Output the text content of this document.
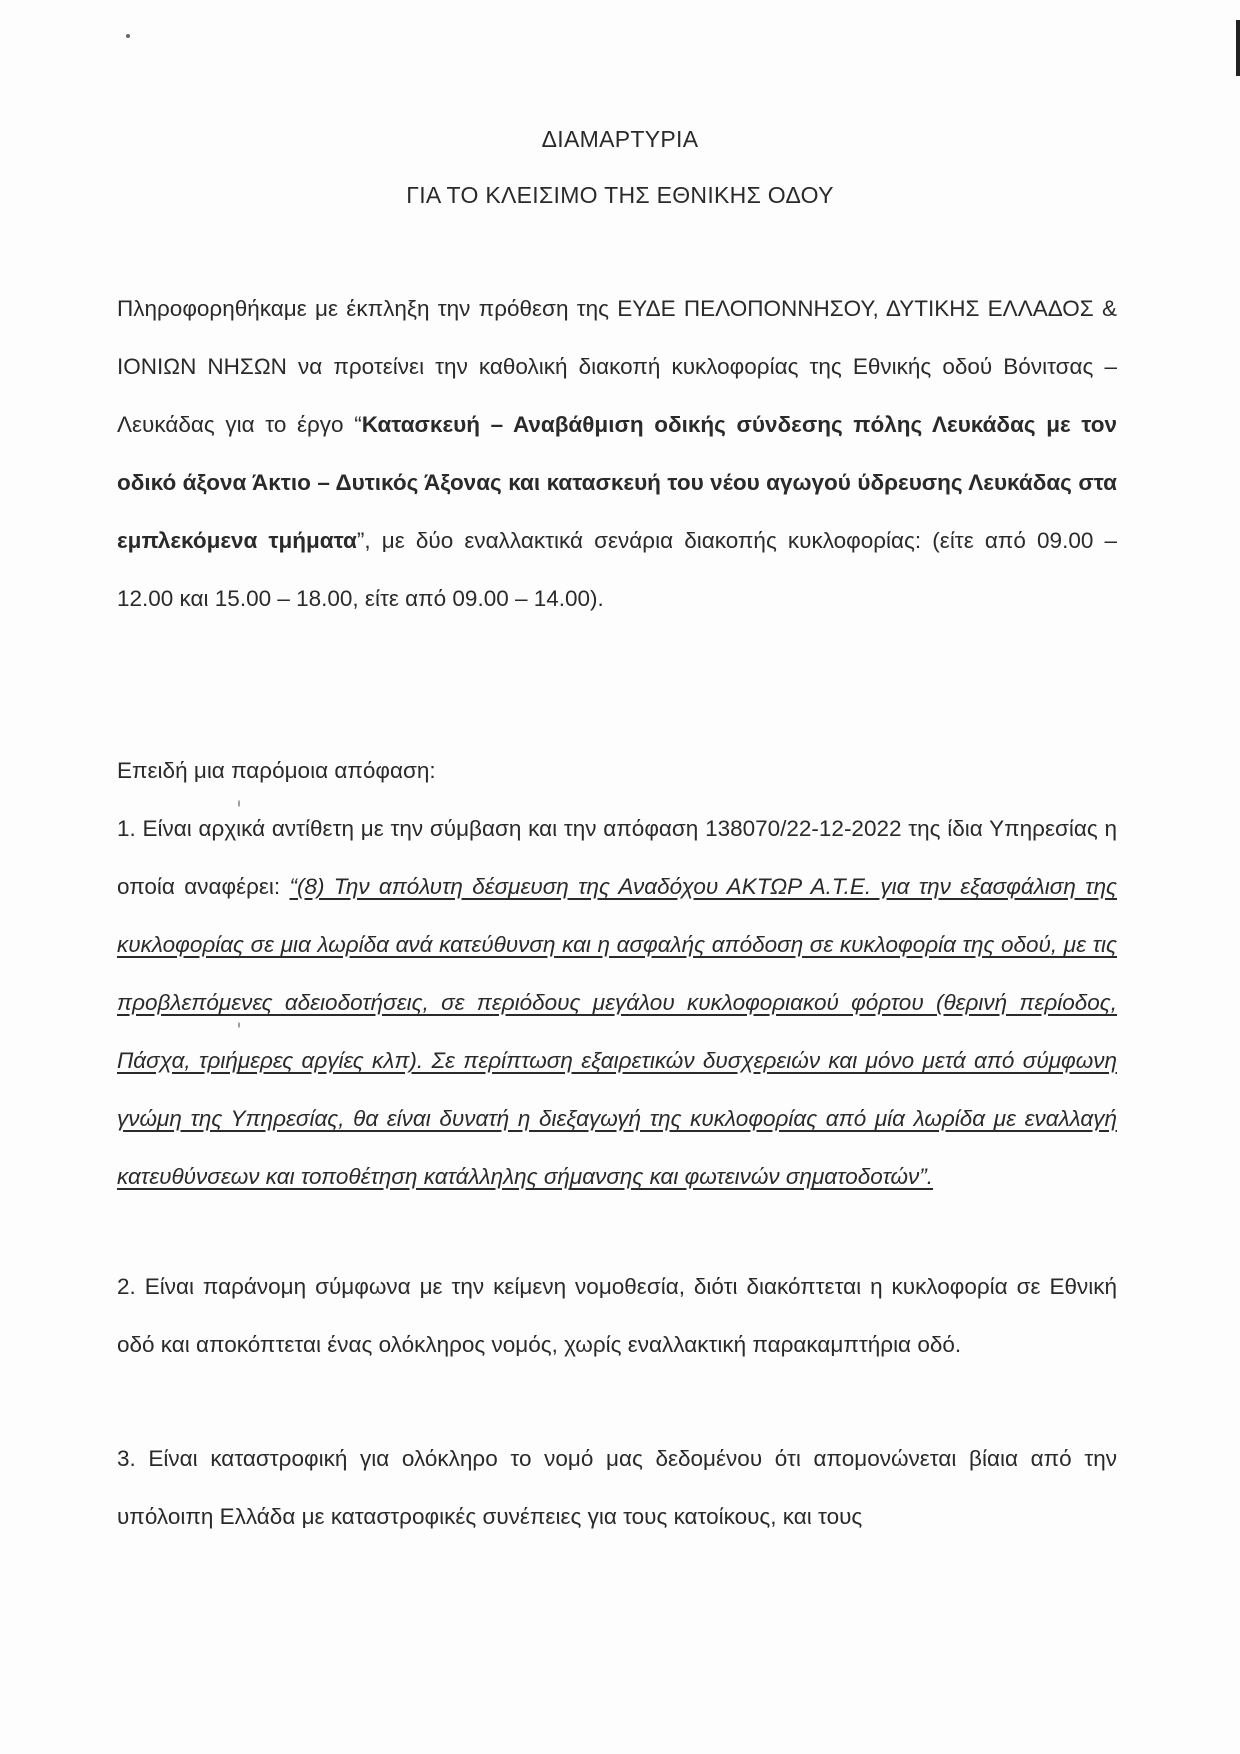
ΔΙΑΜΑΡΤΥΡΙΑ
ΓΙΑ ΤΟ ΚΛΕΙΣΙΜΟ ΤΗΣ ΕΘΝΙΚΗΣ ΟΔΟΥ

Πληροφορηθήκαμε με έκπληξη την πρόθεση της ΕΥΔΕ ΠΕΛΟΠΟΝΝΗΣΟΥ, ΔΥΤΙΚΗΣ ΕΛΛΑΔΟΣ & ΙΟΝΙΩΝ ΝΗΣΩΝ να προτείνει την καθολική διακοπή κυκλοφορίας της Εθνικής οδού Βόνιτσας – Λευκάδας για το έργο “Κατασκευή – Αναβάθμιση οδικής σύνδεσης πόλης Λευκάδας με τον οδικό άξονα Άκτιο – Δυτικός Άξονας και κατασκευή του νέου αγωγού ύδρευσης Λευκάδας στα εμπλεκόμενα τμήματα”, με δύο εναλλακτικά σενάρια διακοπής κυκλοφορίας: (είτε από 09.00 – 12.00 και 15.00 – 18.00, είτε από 09.00 – 14.00).

Επειδή μια παρόμοια απόφαση:

1. Είναι αρχικά αντίθετη με την σύμβαση και την απόφαση 138070/22-12-2022 της ίδια Υπηρεσίας η οποία αναφέρει: “(8) Την απόλυτη δέσμευση της Αναδόχου ΑΚΤΩΡ Α.Τ.Ε. για την εξασφάλιση της κυκλοφορίας σε μια λωρίδα ανά κατεύθυνση και η ασφαλής απόδοση σε κυκλοφορία της οδού, με τις προβλεπόμενες αδειοδοτήσεις, σε περιόδους μεγάλου κυκλοφοριακού φόρτου (θερινή περίοδος, Πάσχα, τριήμερες αργίες κλπ). Σε περίπτωση εξαιρετικών δυσχερειών και μόνο μετά από σύμφωνη γνώμη της Υπηρεσίας, θα είναι δυνατή η διεξαγωγή της κυκλοφορίας από μία λωρίδα με εναλλαγή κατευθύνσεων και τοποθέτηση κατάλληλης σήμανσης και φωτεινών σηματοδοτών”.

2. Είναι παράνομη σύμφωνα με την κείμενη νομοθεσία, διότι διακόπτεται η κυκλοφορία σε Εθνική οδό και αποκόπτεται ένας ολόκληρος νομός, χωρίς εναλλακτική παρακαμπτήρια οδό.

3. Είναι καταστροφική για ολόκληρο το νομό μας δεδομένου ότι απομονώνεται βίαια από την υπόλοιπη Ελλάδα με καταστροφικές συνέπειες για τους κατοίκους, και τους
